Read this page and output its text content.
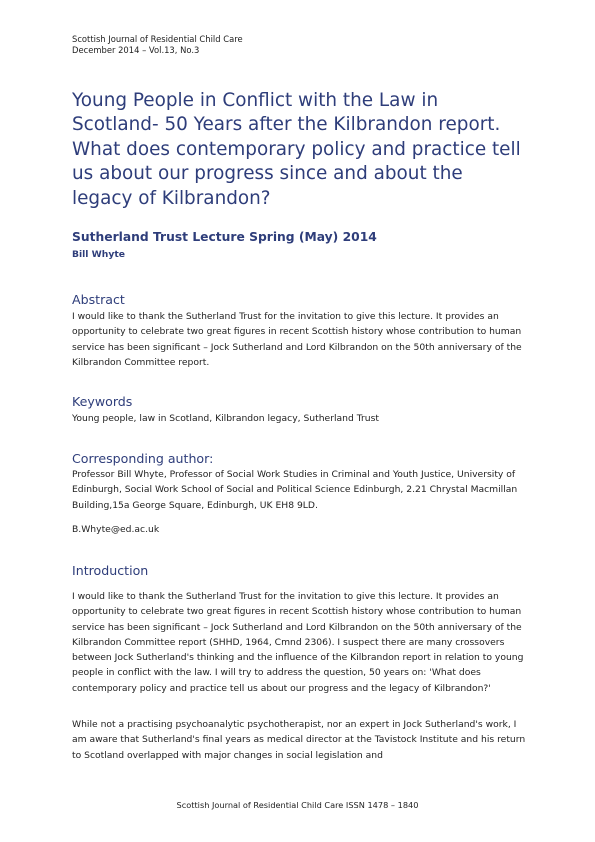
Scottish Journal of Residential Child Care
December 2014 – Vol.13, No.3
Young People in Conflict with the Law in Scotland- 50 Years after the Kilbrandon report. What does contemporary policy and practice tell us about our progress since and about the legacy of Kilbrandon?
Sutherland Trust Lecture Spring (May) 2014
Bill Whyte
Abstract

I would like to thank the Sutherland Trust for the invitation to give this lecture. It provides an opportunity to celebrate two great figures in recent Scottish history whose contribution to human service has been significant – Jock Sutherland and Lord Kilbrandon on the 50th anniversary of the Kilbrandon Committee report.

Keywords

Young people, law in Scotland, Kilbrandon legacy, Sutherland Trust

Corresponding author:

Professor Bill Whyte, Professor of Social Work Studies in Criminal and Youth Justice, University of Edinburgh, Social Work School of Social and Political Science Edinburgh, 2.21 Chrystal Macmillan Building,15a George Square, Edinburgh, UK EH8 9LD.

B.Whyte@ed.ac.uk

Introduction

I would like to thank the Sutherland Trust for the invitation to give this lecture. It provides an opportunity to celebrate two great figures in recent Scottish history whose contribution to human service has been significant – Jock Sutherland and Lord Kilbrandon on the 50th anniversary of the Kilbrandon Committee report (SHHD, 1964, Cmnd 2306). I suspect there are many crossovers between Jock Sutherland's thinking and the influence of the Kilbrandon report in relation to young people in conflict with the law. I will try to address the question, 50 years on: 'What does contemporary policy and practice tell us about our progress and the legacy of Kilbrandon?'

While not a practising psychoanalytic psychotherapist, nor an expert in Jock Sutherland's work, I am aware that Sutherland's final years as medical director at the Tavistock Institute and his return to Scotland overlapped with major changes in social legislation and

Scottish Journal of Residential Child Care ISSN 1478 – 1840
